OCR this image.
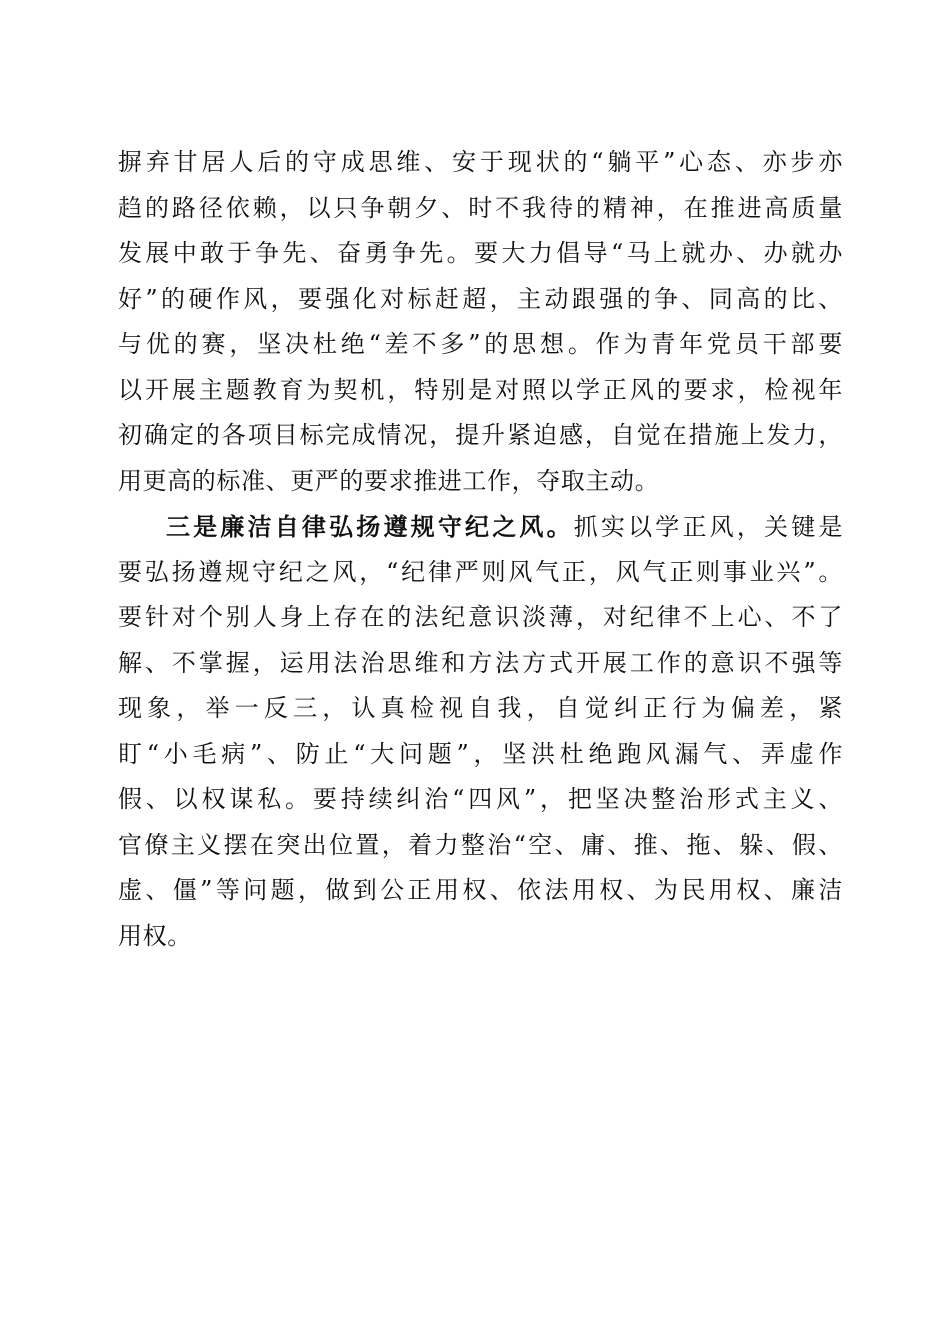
摒弃甘居人后的守成思维、安于现状的“躺平”心态、亦步亦
趋的路径依赖，以只争朝夕、时不我待的精神，在推进高质量
发展中敢于争先、奋勇争先。要大力倡导“马上就办、办就办
好”的硬作风，要强化对标赶超，主动跟强的争、同高的比、
与优的赛，坚决杜绝“差不多”的思想。作为青年党员干部要
以开展主题教育为契机，特别是对照以学正风的要求，检视年
初确定的各项目标完成情况，提升紧迫感，自觉在措施上发力，
用更高的标准、更严的要求推进工作，夺取主动。
三是廉洁自律弘扬遵规守纪之风。抓实以学正风，关键是
要弘扬遵规守纪之风，“纪律严则风气正，风气正则事业兴”。
要针对个别人身上存在的法纪意识淡薄，对纪律不上心、不了
解、不掌握，运用法治思维和方法方式开展工作的意识不强等
现象，举一反三，认真检视自我，自觉纠正行为偏差，紧
盯“小毛病”、防止“大问题”，坚洪杜绝跑风漏气、弄虚作
假、以权谋私。要持续纠治“四风”，把坚决整治形式主义、
官僚主义摆在突出位置，着力整治“空、庸、推、拖、躲、假、
虚、僵”等问题，做到公正用权、依法用权、为民用权、廉洁
用权。
